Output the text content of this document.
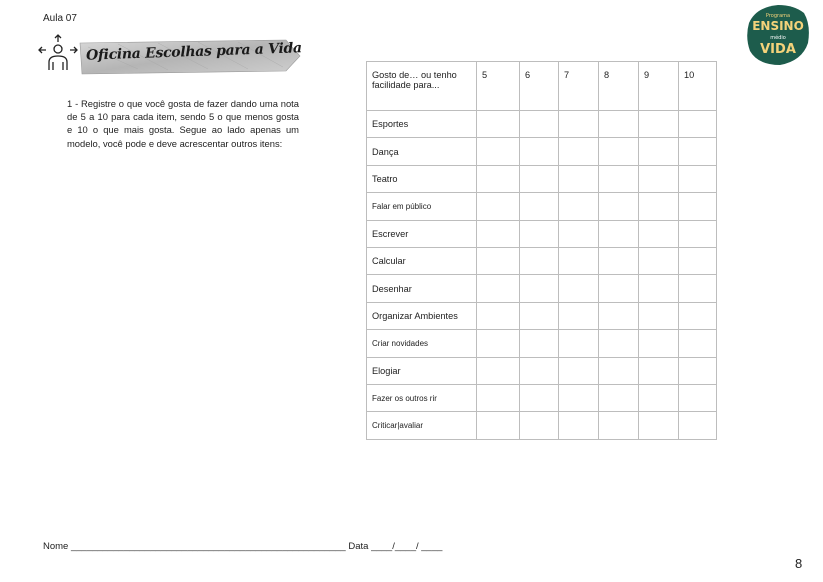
Aula 07
Oficina Escolhas para a Vida
1 - Registre o que você gosta de fazer dando uma nota de 5 a 10 para cada item, sendo 5 o que menos gosta e 10 o que mais gosta. Segue ao lado apenas um modelo, você pode e deve acrescentar outros itens:
Programa
ENSINO
médio
VIDA
Gosto de… ou tenho facilidade para...	5	6	7	8	9	10
Esportes						
Dança						
Teatro						
Falar em público						
Escrever						
Calcular						
Desenhar						
Organizar Ambientes						
Criar novidades						
Elogiar						
Fazer os outros rir						
Criticar|avaliar						
Nome ____________________________________________________ Data ____/____/ ____
8
